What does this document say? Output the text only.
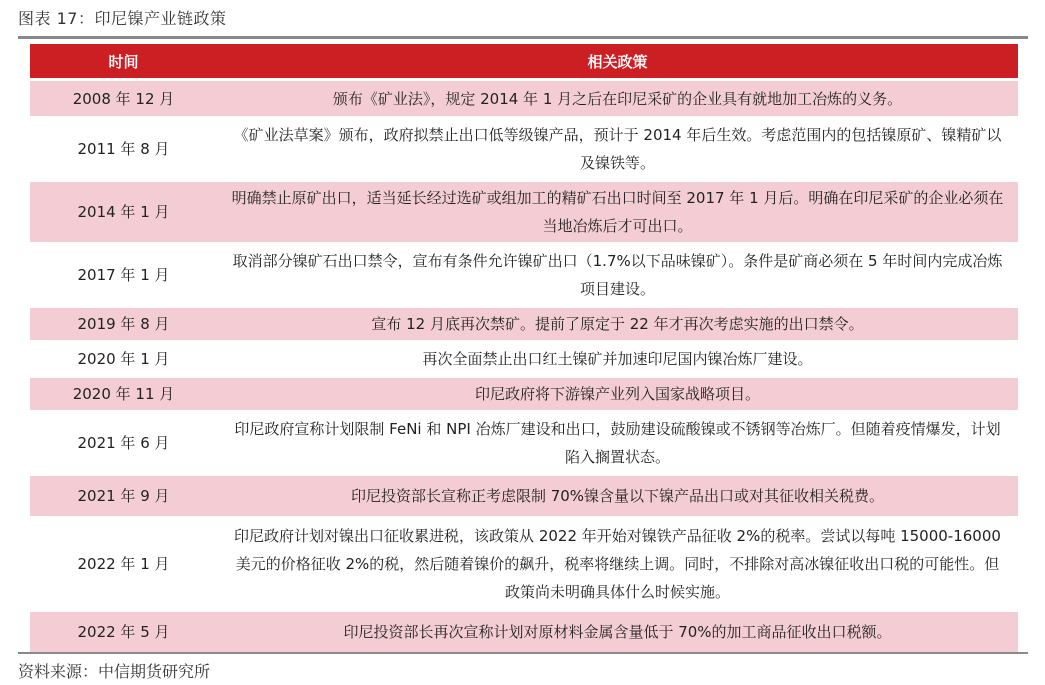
图表 17：印尼镍产业链政策
时间	相关政策
2008 年 12 月	颁布《矿业法》，规定 2014 年 1 月之后在印尼采矿的企业具有就地加工冶炼的义务。
2011 年 8 月	《矿业法草案》颁布，政府拟禁止出口低等级镍产品，预计于 2014 年后生效。考虑范围内的包括镍原矿、镍精矿以及镍铁等。
2014 年 1 月	明确禁止原矿出口，适当延长经过选矿或组加工的精矿石出口时间至 2017 年 1 月后。明确在印尼采矿的企业必须在当地冶炼后才可出口。
2017 年 1 月	取消部分镍矿石出口禁令，宣布有条件允许镍矿出口（1.7%以下品味镍矿）。条件是矿商必须在 5 年时间内完成冶炼项目建设。
2019 年 8 月	宣布 12 月底再次禁矿。提前了原定于 22 年才再次考虑实施的出口禁令。
2020 年 1 月	再次全面禁止出口红土镍矿并加速印尼国内镍冶炼厂建设。
2020 年 11 月	印尼政府将下游镍产业列入国家战略项目。
2021 年 6 月	印尼政府宣称计划限制 FeNi 和 NPI 冶炼厂建设和出口，鼓励建设硫酸镍或不锈钢等冶炼厂。但随着疫情爆发，计划陷入搁置状态。
2021 年 9 月	印尼投资部长宣称正考虑限制 70%镍含量以下镍产品出口或对其征收相关税费。
2022 年 1 月	印尼政府计划对镍出口征收累进税，该政策从 2022 年开始对镍铁产品征收 2%的税率。尝试以每吨 15000-16000 美元的价格征收 2%的税，然后随着镍价的飙升，税率将继续上调。同时，不排除对高冰镍征收出口税的可能性。但政策尚未明确具体什么时候实施。
2022 年 5 月	印尼投资部长再次宣称计划对原材料金属含量低于 70%的加工商品征收出口税额。
资料来源：中信期货研究所
